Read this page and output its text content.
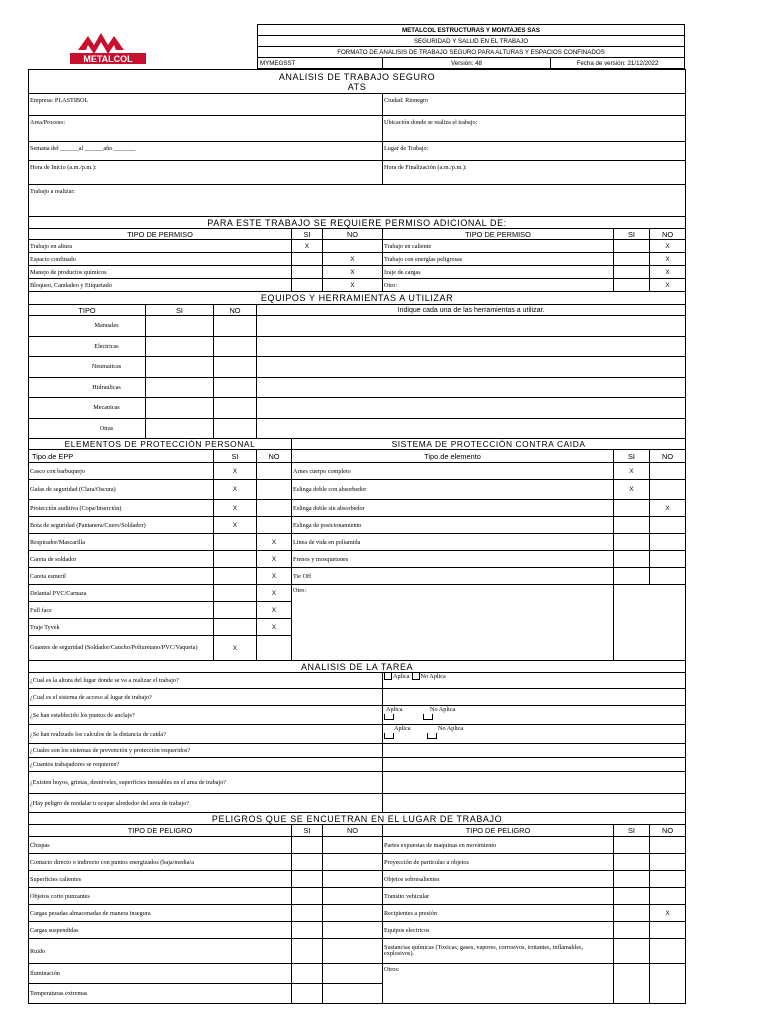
METALCOL
METALCOL ESTRUCTURAS Y MONTAJES SAS
SEGURIDAD Y SALUD EN EL TRABAJO
FORMATO DE ANALISIS DE TRABAJO SEGURO PARA ALTURAS Y ESPACIOS CONFINADOS
MYMEGSST	Versión: 48	Fecha de versión: 21/12/2022
ANALISIS DE TRABAJO SEGURO
ATS								
Empresa: PLASTIBOL						Ciudad: Rionegro		
Area/Proceso:						Ubicación donde se realiza el trabajo:		
Semana del ______al ______año _______						Lugar de Trabajo:		
Hora de Inicio (a.m./p.m.):						Hora de Finalización (a.m./p.m.):		
Trabajo a realizar:								
PARA ESTE TRABAJO SE REQUIERE PERMISO ADICIONAL DE:								
TIPO DE PERMISO				SI	NO	TIPO DE PERMISO	SI	NO
Trabajo en altura				X		Trabajo en caliente		X
Espacio confinado					X	Trabajo con energías peligrosas		X
Manejo de productos químicos					X	Izaje de cargas		X
Bloqueo, Candadeo y Etiquetado					X	Otro:		X
EQUIPOS Y HERRAMIENTAS A UTILIZAR								
TIPO	SI	NO	Indique cada una de las herramientas a utilizar.					
Manuales								
Electricas								
Neumaticas								
Hidraulicas								
Mecanicas								
Otras								
ELEMENTOS DE PROTECCIÓN PERSONAL				SISTEMA DE PROTECCIÓN CONTRA CAIDA				
Tipo de EPP		SI	NO	Tipo de elemento			SI	NO
Casco con barbuquejo		X		Arnes cuerpo completo			X	
Gafas de seguridad (Clara/Oscura)		X		Eslinga doble con absorbedor			X	
Protección auditiva (Copa/Inserción)		X		Eslinga doble sin absorbedor				X
Bota de seguridad (Pantanera/Cuero/Soldador)		X		Eslinga de posicionamiento				
Respirador/Mascarilla			X	Linea de vida en poliamida				
Careta de soldador			X	Frenos y mosquetones				
Careta esmeril			X	Tie Off				
Delantal PVC/Carnaza			X	Otro:				
Full face			X					
Traje Tyvek			X					
Guantes de seguridad (Soldador/Caucho/Poliuretano/PVC/Vaqueta)		X						
ANALISIS DE LA TAREA								
¿Cual es la altura del lugar donde se va a realizar el trabajo?						Aplica No Aplica		
¿Cual es el sistema de acceso al lugar de trabajo?								
¿Se han establecido los puntos de anclaje?						Aplica No Aplica		

¿Se han realizado los calculos de la distancia de caida?						Aplica No Aplica		

¿Cuales son los sistemas de prevención y protección requeridos?								
¿Cuantos trabajadores se requieren?								
¿Existen hoyos, grietas, desniveles, superficies inestables en el area de trabajo?								
¿Hay peligro de modalar u ocupar alrededor del area de trabajo?								
PELIGROS QUE SE ENCUETRAN EN EL LUGAR DE TRABAJO								
TIPO DE PELIGRO				SI	NO	TIPO DE PELIGRO	SI	NO
Chispas						Partes expuestas de maquinas en movimiento		
Contacto directo o indirecto con puntos energizados (baja/media/a						Proyección de particulas u objetos		
Superficies calientes						Objetos sobresalientes		
Objetos corto punzantes						Transito vehicular		
Cargas pesadas almacenadas de manera insegura						Recipientes a presión		X
Cargas suspendidas						Equipos electricos		
Ruido						Sustancias químicas (Toxicas, gases, vapores, corrosivos, irritantes, inflamables, explosivos).		
Iluminación						Otros:		
Temperaturas extremas								
